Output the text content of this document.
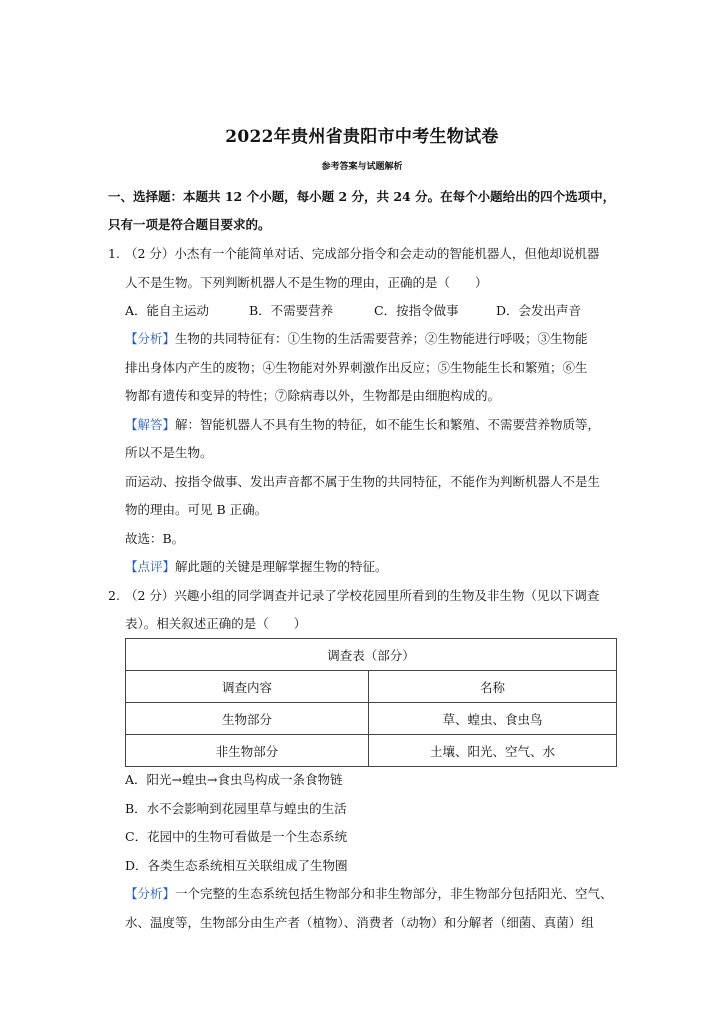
2022年贵州省贵阳市中考生物试卷
参考答案与试题解析
一、选择题：本题共 12 个小题，每小题 2 分，共 24 分。在每个小题给出的四个选项中，
只有一项是符合题目要求的。
1. （2 分）小杰有一个能简单对话、完成部分指令和会走动的智能机器人，但他却说机器
人不是生物。下列判断机器人不是生物的理由，正确的是（　　）
A．能自主运动	B．不需要营养	C．按指令做事	D．会发出声音
【分析】生物的共同特征有：①生物的生活需要营养；②生物能进行呼吸；③生物能
排出身体内产生的废物；④生物能对外界刺激作出反应；⑤生物能生长和繁殖；⑥生
物都有遗传和变异的特性；⑦除病毒以外，生物都是由细胞构成的。
【解答】解：智能机器人不具有生物的特征，如不能生长和繁殖、不需要营养物质等，
所以不是生物。
而运动、按指令做事、发出声音都不属于生物的共同特征，不能作为判断机器人不是生
物的理由。可见 B 正确。
故选：B。
【点评】解此题的关键是理解掌握生物的特征。
2. （2 分）兴趣小组的同学调查并记录了学校花园里所看到的生物及非生物（见以下调查
表）。相关叙述正确的是（　　）
调查表（部分）	
调查内容	名称
生物部分	草、蝗虫、食虫鸟
非生物部分	土壤、阳光、空气、水
A．阳光→蝗虫→食虫鸟构成一条食物链
B．水不会影响到花园里草与蝗虫的生活
C．花园中的生物可看做是一个生态系统
D．各类生态系统相互关联组成了生物圈
【分析】一个完整的生态系统包括生物部分和非生物部分，非生物部分包括阳光、空气、
水、温度等，生物部分由生产者（植物）、消费者（动物）和分解者（细菌、真菌）组
